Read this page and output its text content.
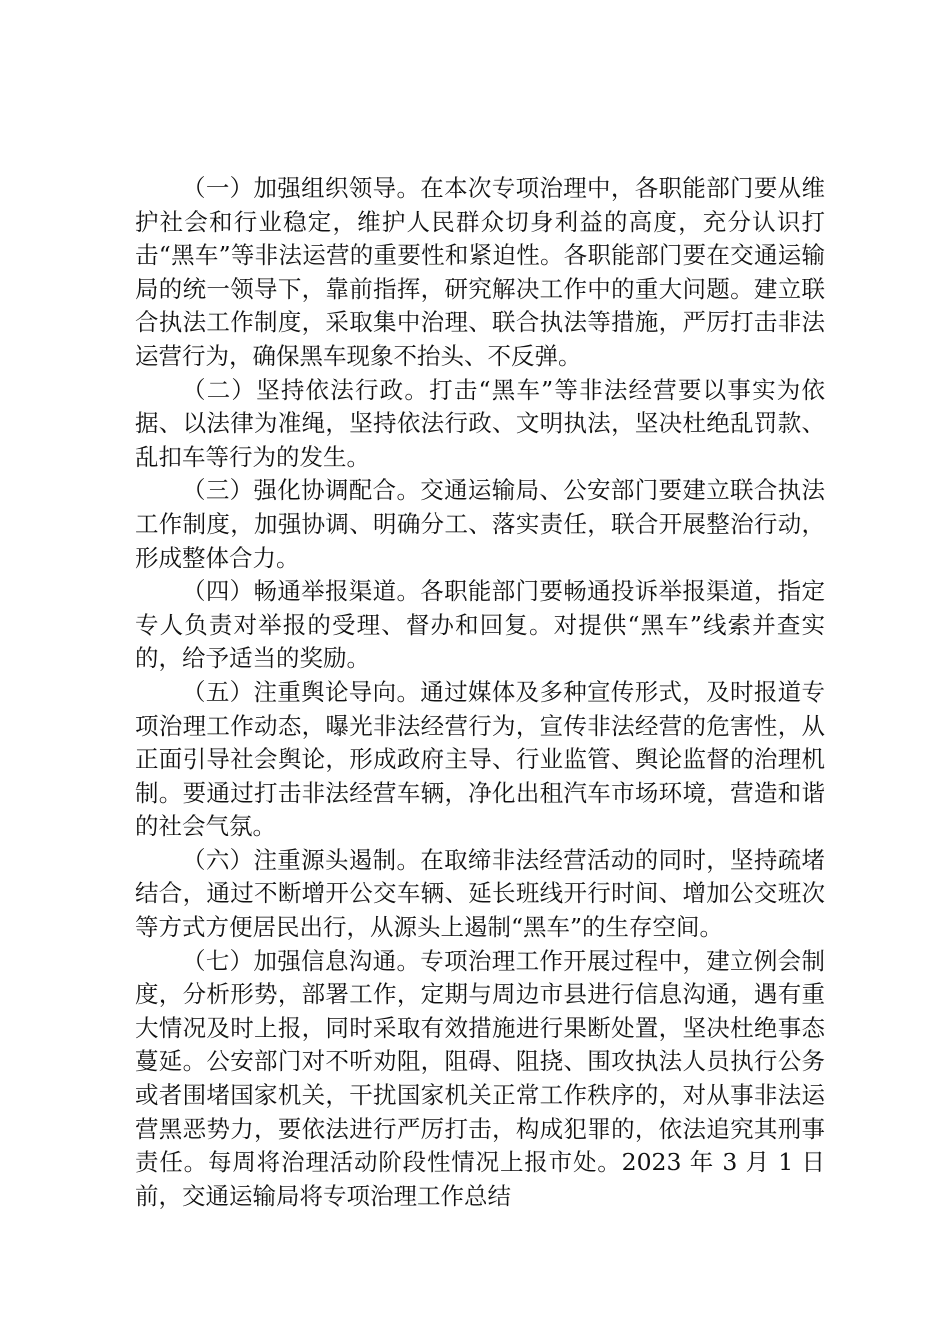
（一）加强组织领导。在本次专项治理中，各职能部门要从维护社会和行业稳定，维护人民群众切身利益的高度，充分认识打击“黑车”等非法运营的重要性和紧迫性。各职能部门要在交通运输局的统一领导下，靠前指挥，研究解决工作中的重大问题。建立联合执法工作制度，采取集中治理、联合执法等措施，严厉打击非法运营行为，确保黑车现象不抬头、不反弹。

（二）坚持依法行政。打击“黑车”等非法经营要以事实为依据、以法律为准绳，坚持依法行政、文明执法，坚决杜绝乱罚款、乱扣车等行为的发生。

（三）强化协调配合。交通运输局、公安部门要建立联合执法工作制度，加强协调、明确分工、落实责任，联合开展整治行动，形成整体合力。

（四）畅通举报渠道。各职能部门要畅通投诉举报渠道，指定专人负责对举报的受理、督办和回复。对提供“黑车”线索并查实的，给予适当的奖励。

（五）注重舆论导向。通过媒体及多种宣传形式，及时报道专项治理工作动态，曝光非法经营行为，宣传非法经营的危害性，从正面引导社会舆论，形成政府主导、行业监管、舆论监督的治理机制。要通过打击非法经营车辆，净化出租汽车市场环境，营造和谐的社会气氛。

（六）注重源头遏制。在取缔非法经营活动的同时，坚持疏堵结合，通过不断增开公交车辆、延长班线开行时间、增加公交班次等方式方便居民出行，从源头上遏制“黑车”的生存空间。

（七）加强信息沟通。专项治理工作开展过程中，建立例会制度，分析形势，部署工作，定期与周边市县进行信息沟通，遇有重大情况及时上报，同时采取有效措施进行果断处置，坚决杜绝事态蔓延。公安部门对不听劝阻，阻碍、阻挠、围攻执法人员执行公务或者围堵国家机关，干扰国家机关正常工作秩序的，对从事非法运营黑恶势力，要依法进行严厉打击，构成犯罪的，依法追究其刑事责任。每周将治理活动阶段性情况上报市处。2023 年 3 月 1 日前，交通运输局将专项治理工作总结
